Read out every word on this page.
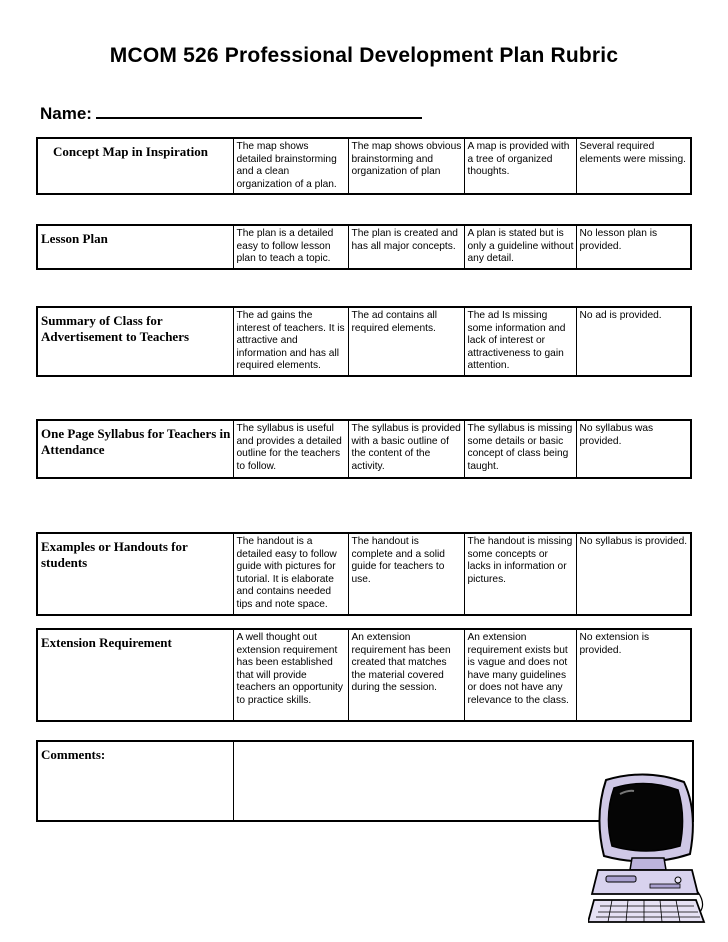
MCOM 526 Professional Development Plan Rubric
Name:
Concept Map in Inspiration	The map shows detailed brainstorming and a clean organization of a plan.	The map shows obvious brainstorming and organization of plan	A map is provided with a tree of organized thoughts.	Several required elements were missing.
Lesson Plan	The plan is a detailed easy to follow lesson plan to teach a topic.	The plan is created and has all major concepts.	A plan is stated but is only a guideline without any detail.	No lesson plan is provided.
Summary of Class for Advertisement to Teachers	The ad gains the interest of teachers. It is attractive and information and has all required elements.	The ad contains all required elements.	The ad Is missing some information and lack of interest or attractiveness to gain attention.	No ad is provided.
One Page Syllabus for Teachers in Attendance	The syllabus is useful and provides a detailed outline for the teachers to follow.	The syllabus is provided with a basic outline of the content of the activity.	The syllabus is missing some details or basic concept of class being taught.	No syllabus was provided.
Examples or Handouts for students	The handout is a detailed easy to follow guide with pictures for tutorial. It is elaborate and contains needed tips and note space.	The handout is complete and a solid guide for teachers to use.	The handout is missing some concepts or lacks in information or pictures.	No syllabus is provided.
Extension Requirement	A well thought out extension requirement has been established that will provide teachers an opportunity to practice skills.	An extension requirement has been created that matches the material covered during the session.	An extension requirement exists but is vague and does not have many guidelines or does not have any relevance to the class.	No extension is provided.
Comments:	
